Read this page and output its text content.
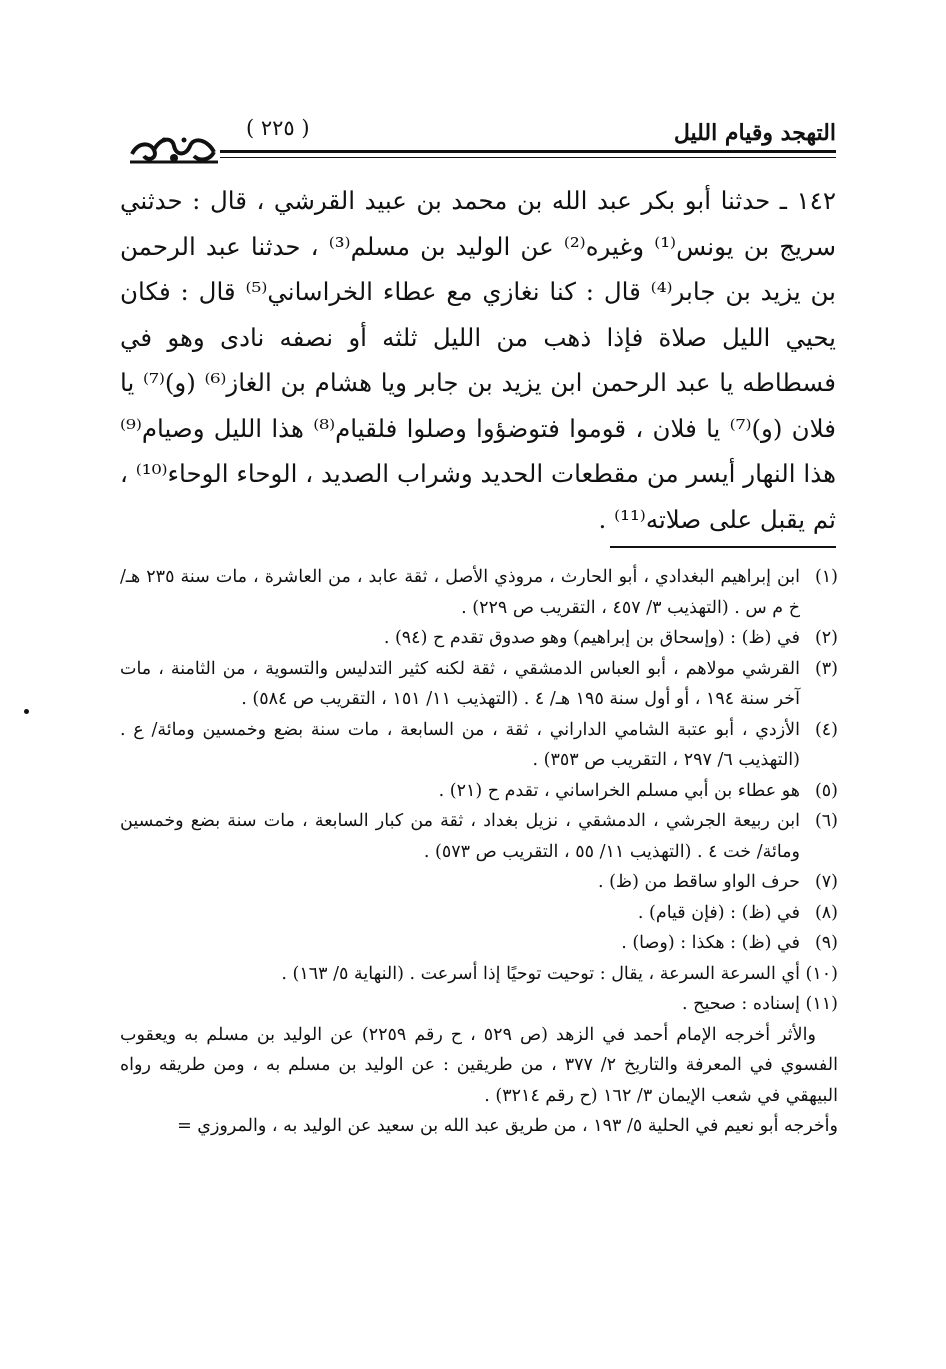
التهجد وقيام الليل
( ٢٢٥ )

١٤٢ ـ حدثنا أبو بكر عبد الله بن محمد بن عبيد القرشي ، قال : حدثني سريج بن يونس⁽¹⁾ وغيره⁽²⁾ عن الوليد بن مسلم⁽³⁾ ، حدثنا عبد الرحمن بن يزيد بن جابر⁽⁴⁾ قال : كنا نغازي مع عطاء الخراساني⁽⁵⁾ قال : فكان يحيي الليل صلاة فإذا ذهب من الليل ثلثه أو نصفه نادى وهو في فسطاطه يا عبد الرحمن ابن يزيد بن جابر ويا هشام بن الغاز⁽⁶⁾ (و)⁽⁷⁾ يا فلان (و)⁽⁷⁾ يا فلان ، قوموا فتوضؤوا وصلوا فلقيام⁽⁸⁾ هذا الليل وصيام⁽⁹⁾ هذا النهار أيسر من مقطعات الحديد وشراب الصديد ، الوحاء الوحاء⁽¹⁰⁾ ، ثم يقبل على صلاته⁽¹¹⁾ .

(١)
ابن إبراهيم البغدادي ، أبو الحارث ، مروذي الأصل ، ثقة عابد ، من العاشرة ، مات سنة ٢٣٥ هـ/ خ م س . (التهذيب ٣/ ٤٥٧ ، التقريب ص ٢٢٩) .
(٢)
في (ظ) : (وإسحاق بن إبراهيم) وهو صدوق تقدم ح (٩٤) .
(٣)
القرشي مولاهم ، أبو العباس الدمشقي ، ثقة لكنه كثير التدليس والتسوية ، من الثامنة ، مات آخر سنة ١٩٤ ، أو أول سنة ١٩٥ هـ/ ٤ . (التهذيب ١١/ ١٥١ ، التقريب ص ٥٨٤) .
(٤)
الأزدي ، أبو عتبة الشامي الداراني ، ثقة ، من السابعة ، مات سنة بضع وخمسين ومائة/ ع . (التهذيب ٦/ ٢٩٧ ، التقريب ص ٣٥٣) .
(٥)
هو عطاء بن أبي مسلم الخراساني ، تقدم ح (٢١) .
(٦)
ابن ربيعة الجرشي ، الدمشقي ، نزيل بغداد ، ثقة من كبار السابعة ، مات سنة بضع وخمسين ومائة/ خت ٤ . (التهذيب ١١/ ٥٥ ، التقريب ص ٥٧٣) .
(٧)
حرف الواو ساقط من (ظ) .
(٨)
في (ظ) : (فإن قيام) .
(٩)
في (ظ) : هكذا : (وصا) .
(١٠)
أي السرعة السرعة ، يقال : توحيت توحيًا إذا أسرعت . (النهاية ٥/ ١٦٣) .
(١١)
إسناده : صحيح .
والأثر أخرجه الإمام أحمد في الزهد (ص ٥٢٩ ، ح رقم ٢٢٥٩) عن الوليد بن مسلم به ويعقوب الفسوي في المعرفة والتاريخ ٢/ ٣٧٧ ، من طريقين : عن الوليد بن مسلم به ، ومن طريقه رواه البيهقي في شعب الإيمان ٣/ ١٦٢ (ح رقم ٣٢١٤) .
وأخرجه أبو نعيم في الحلية ٥/ ١٩٣ ، من طريق عبد الله بن سعيد عن الوليد به ، والمروزي =
